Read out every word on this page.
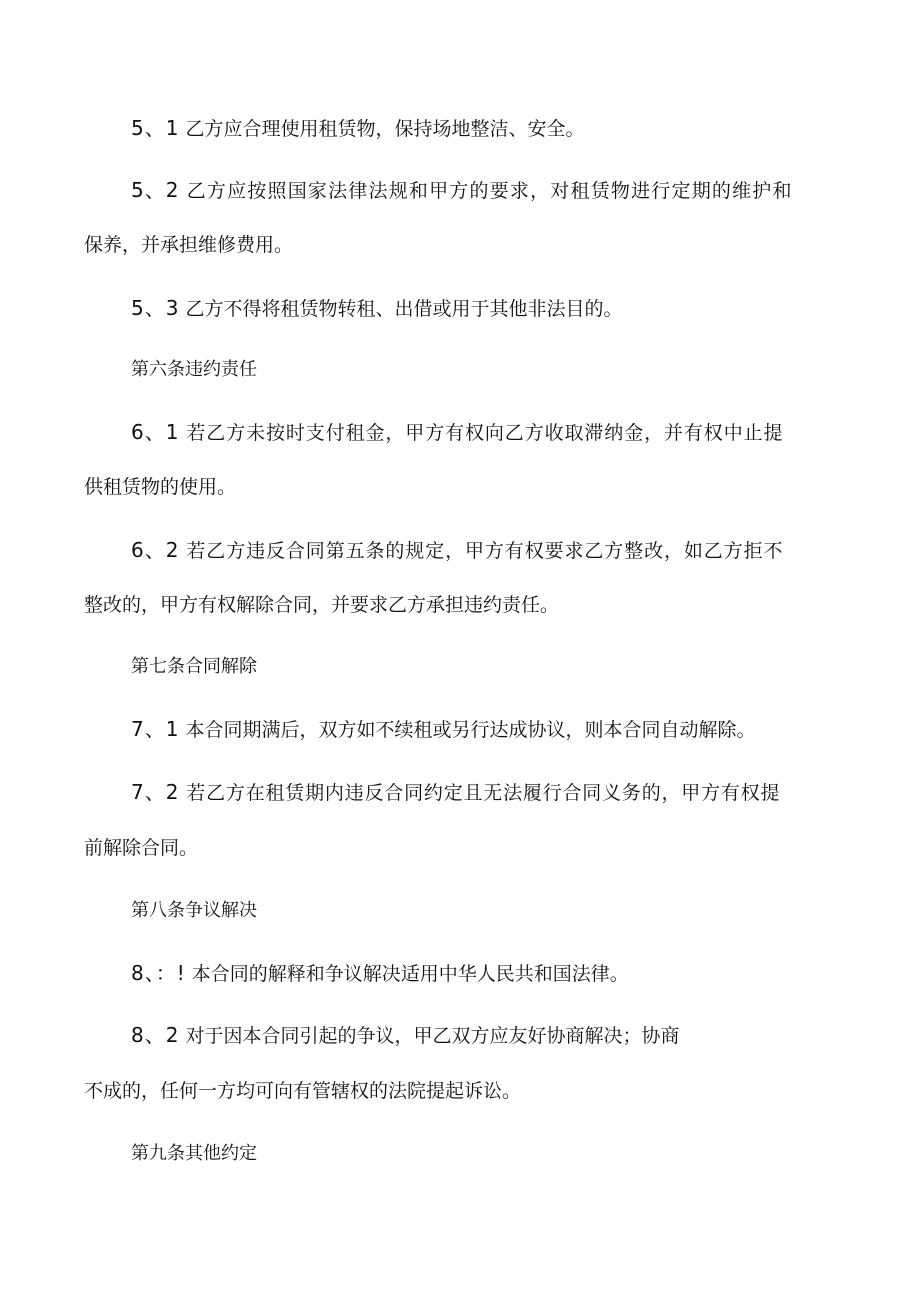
5、1 乙方应合理使用租赁物，保持场地整洁、安全。
5、2 乙方应按照国家法律法规和甲方的要求，对租赁物进行定期的维护和
保养，并承担维修费用。
5、3 乙方不得将租赁物转租、出借或用于其他非法目的。
第六条违约责任
6、1 若乙方未按时支付租金，甲方有权向乙方收取滞纳金，并有权中止提
供租赁物的使用。
6、2 若乙方违反合同第五条的规定，甲方有权要求乙方整改，如乙方拒不
整改的，甲方有权解除合同，并要求乙方承担违约责任。
第七条合同解除
7、1 本合同期满后，双方如不续租或另行达成协议，则本合同自动解除。
7、2 若乙方在租赁期内违反合同约定且无法履行合同义务的，甲方有权提
前解除合同。
第八条争议解决
8、：! 本合同的解释和争议解决适用中华人民共和国法律。
8、2 对于因本合同引起的争议，甲乙双方应友好协商解决；协商
不成的，任何一方均可向有管辖权的法院提起诉讼。
第九条其他约定
